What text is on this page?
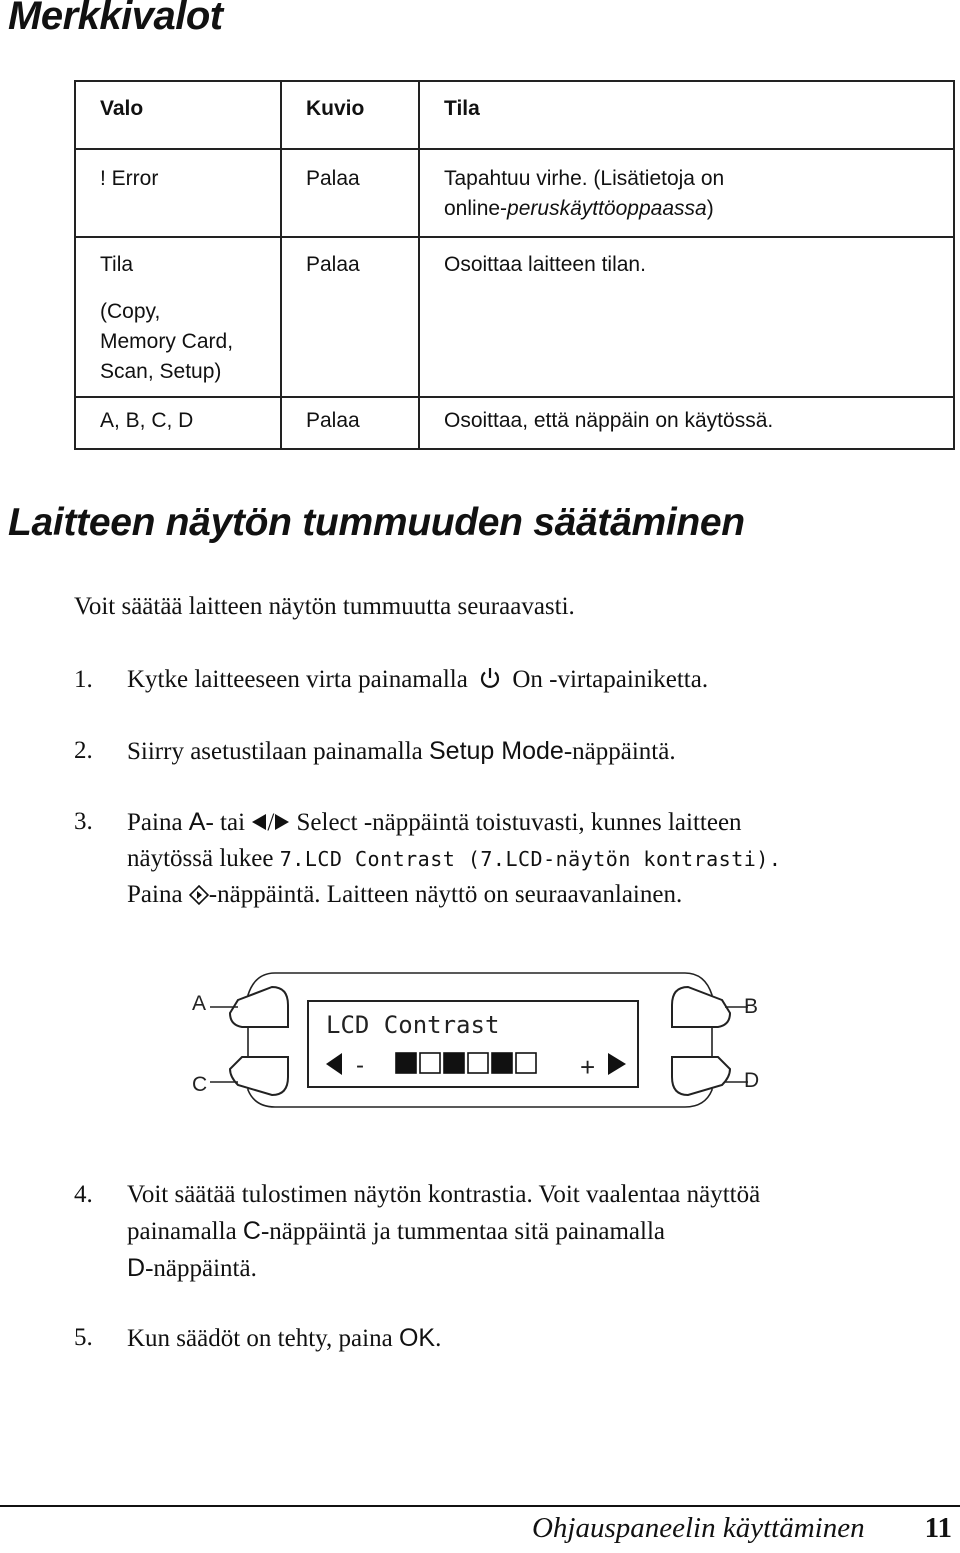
Merkkivalot
Valo	Kuvio	Tila
! Error	Palaa	Tapahtuu virhe. (Lisätietoja on
online-peruskäyttöoppaassa)

Tila
(Copy,
Memory Card,
Scan, Setup)	Palaa	Osoittaa laitteen tilan.
A, B, C, D	Palaa	Osoittaa, että näppäin on käytössä.
Laitteen näytön tummuuden säätäminen
Voit säätää laitteen näytön tummuutta seuraavasti.
1. Kytke laitteeseen virta painamalla On -virtapainiketta.
2. Siirry asetustilaan painamalla Setup Mode-näppäintä.
3. Paina A- tai / Select -näppäintä toistuvasti, kunnes laitteen
näytössä lukee 7.LCD Contrast (7.LCD-näytön kontrasti).
Paina -näppäintä. Laitteen näyttö on seuraavanlainen.
A
C
B
D
LCD Contrast
-	+
4. Voit säätää tulostimen näytön kontrastia. Voit vaalentaa näyttöä
painamalla C-näppäintä ja tummentaa sitä painamalla
D-näppäintä.
5. Kun säädöt on tehty, paina OK.
Ohjauspaneelin käyttäminen 11
